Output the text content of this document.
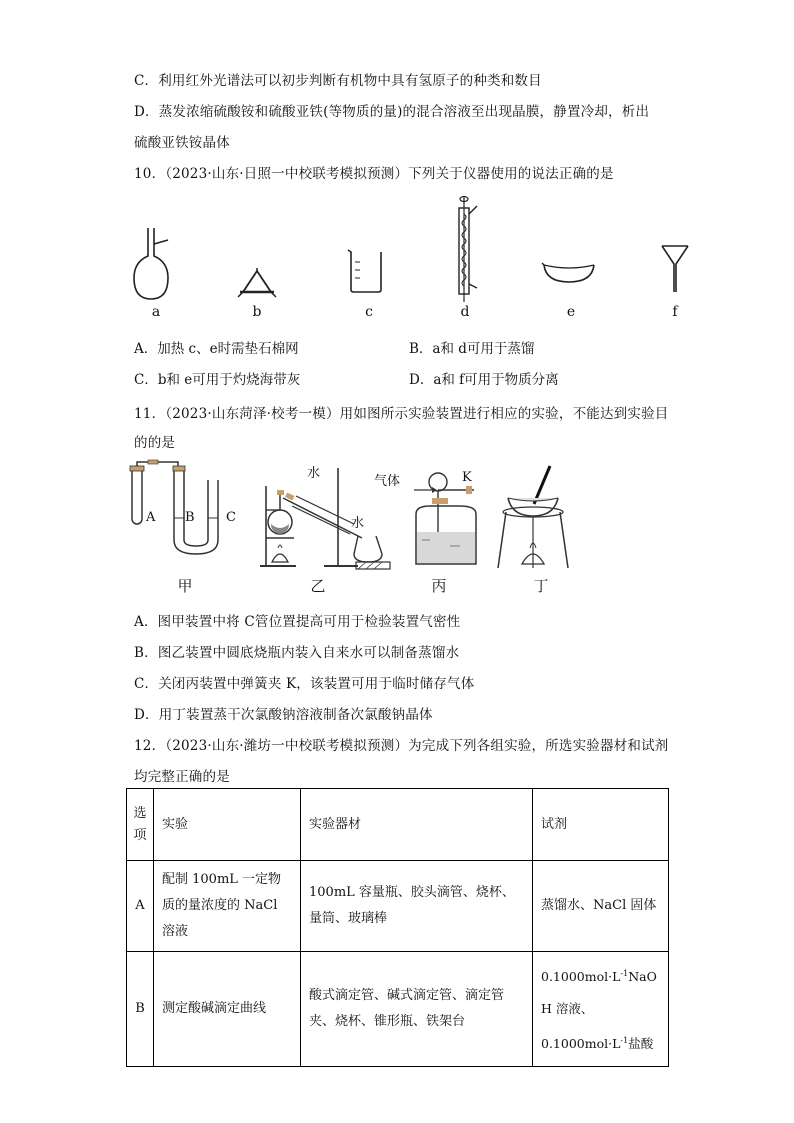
C．利用红外光谱法可以初步判断有机物中具有氢原子的种类和数目
D．蒸发浓缩硫酸铵和硫酸亚铁(等物质的量)的混合溶液至出现晶膜，静置冷却，析出
硫酸亚铁铵晶体
10．（2023·山东·日照一中校联考模拟预测）下列关于仪器使用的说法正确的是
a	b	c	d	e	f
A．加热 c、e时需垫石棉网	B．a和 d可用于蒸馏
C．b和 e可用于灼烧海带灰	D．a和 f可用于物质分离
11．（2023·山东菏泽·校考一模）用如图所示实验装置进行相应的实验，不能达到实验目
的的是
A B C
水
水
气体	K
甲	乙	丙	丁
A．图甲装置中将 C管位置提高可用于检验装置气密性
B．图乙装置中圆底烧瓶内装入自来水可以制备蒸馏水
C．关闭丙装置中弹簧夹 K，该装置可用于临时储存气体
D．用丁装置蒸干次氯酸钠溶液制备次氯酸钠晶体
12．（2023·山东·潍坊一中校联考模拟预测）为完成下列各组实验，所选实验器材和试剂
均完整正确的是
选项	实验	实验器材	试剂
A	配制 100mL 一定物质的量浓度的 NaCl 溶液	100mL 容量瓶、胶头滴管、烧杯、量筒、玻璃棒	蒸馏水、NaCl 固体
B	测定酸碱滴定曲线	酸式滴定管、碱式滴定管、滴定管夹、烧杯、锥形瓶、铁架台	$0.1000mol\cdot L^{-1}NaO$
H 溶液、
$0.1000mol\cdot L^{-1}$盐酸
